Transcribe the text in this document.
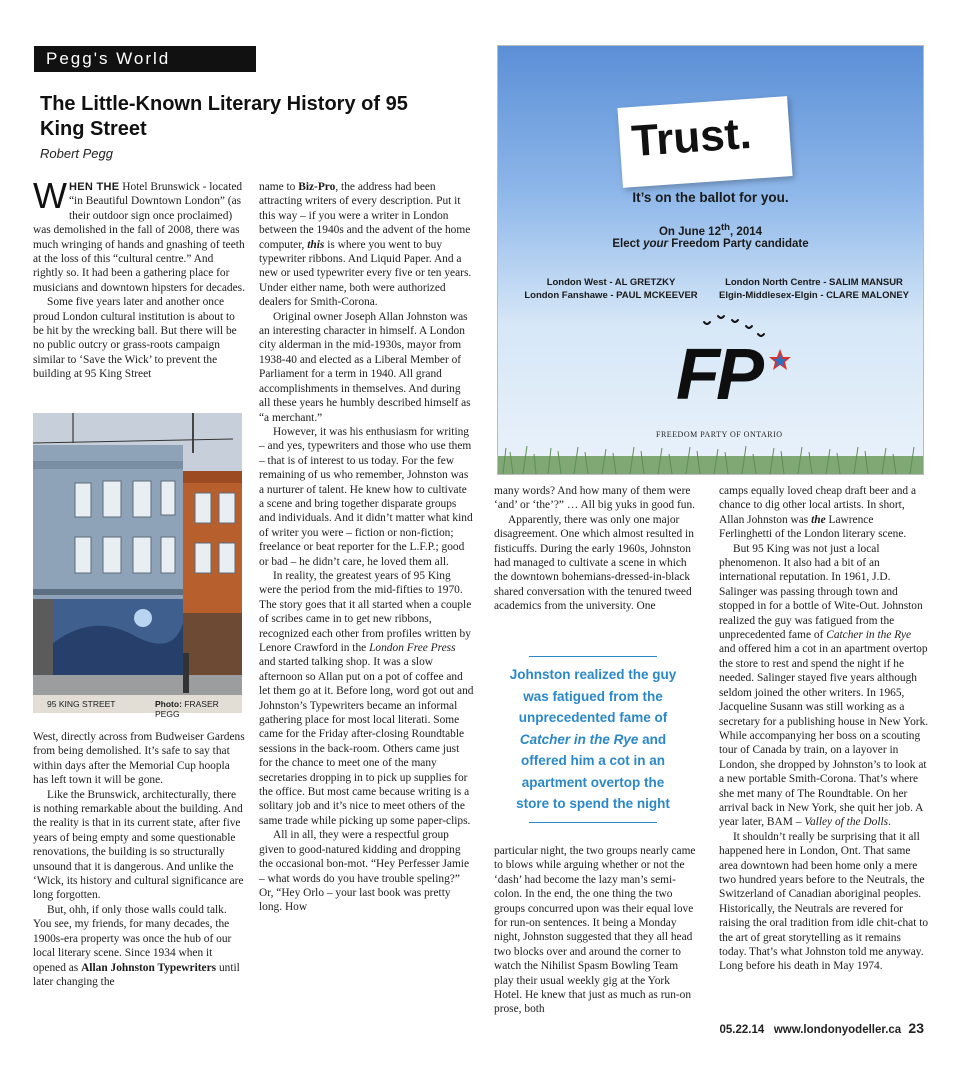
Pegg's World
The Little-Known Literary History of 95 King Street
Robert Pegg

WHEN THE Hotel Brunswick - located “in Beautiful Downtown London” (as their outdoor sign once proclaimed) was demolished in the fall of 2008, there was much wringing of hands and gnashing of teeth at the loss of this “cultural centre.” And rightly so. It had been a gathering place for musicians and downtown hipsters for decades.

Some five years later and another once proud London cultural institution is about to be hit by the wrecking ball. But there will be no public outcry or grass-roots campaign similar to ‘Save the Wick’ to prevent the building at 95 King Street

95 KING STREET	Photo: FRASER PEGG

West, directly across from Budweiser Gardens from being demolished. It’s safe to say that within days after the Memorial Cup hoopla has left town it will be gone.

Like the Brunswick, architecturally, there is nothing remarkable about the building. And the reality is that in its current state, after five years of being empty and some questionable renovations, the building is so structurally unsound that it is dangerous. And unlike the ‘Wick, its history and cultural significance are long forgotten.

But, ohh, if only those walls could talk. You see, my friends, for many decades, the 1900s-era property was once the hub of our local literary scene. Since 1934 when it opened as Allan Johnston Typewriters until later changing the

name to Biz-Pro, the address had been attracting writers of every description. Put it this way – if you were a writer in London between the 1940s and the advent of the home computer, this is where you went to buy typewriter ribbons. And Liquid Paper. And a new or used typewriter every five or ten years. Under either name, both were authorized dealers for Smith-Corona.

Original owner Joseph Allan Johnston was an interesting character in himself. A London city alderman in the mid-1930s, mayor from 1938-40 and elected as a Liberal Member of Parliament for a term in 1940. All grand accomplishments in themselves. And during all these years he humbly described himself as “a merchant.”

However, it was his enthusiasm for writing – and yes, typewriters and those who use them – that is of interest to us today. For the few remaining of us who remember, Johnston was a nurturer of talent. He knew how to cultivate a scene and bring together disparate groups and individuals. And it didn’t matter what kind of writer you were – fiction or non-fiction; freelance or beat reporter for the L.F.P.; good or bad – he didn’t care, he loved them all.

In reality, the greatest years of 95 King were the period from the mid-fifties to 1970. The story goes that it all started when a couple of scribes came in to get new ribbons, recognized each other from profiles written by Lenore Crawford in the London Free Press and started talking shop. It was a slow afternoon so Allan put on a pot of coffee and let them go at it. Before long, word got out and Johnston’s Typewriters became an informal gathering place for most local literati. Some came for the Friday after-closing Roundtable sessions in the back-room. Others came just for the chance to meet one of the many secretaries dropping in to pick up supplies for the office. But most came because writing is a solitary job and it’s nice to meet others of the same trade while picking up some paper-clips.

All in all, they were a respectful group given to good-natured kidding and dropping the occasional bon-mot. “Hey Perfesser Jamie – what words do you have trouble speling?” Or, “Hey Orlo – your last book was pretty long. How

Trust.
It’s on the ballot for you.
On June 12th, 2014
Elect your Freedom Party candidate
London West - AL GRETZKY
London Fanshawe - PAUL MCKEEVER
London North Centre - SALIM MANSUR
Elgin-Middlesex-Elgin - CLARE MALONEY
FP
FREEDOM PARTY OF ONTARIO

many words? And how many of them were ‘and’ or ‘the’?” … All big yuks in good fun.

Apparently, there was only one major disagreement. One which almost resulted in fisticuffs. During the early 1960s, Johnston had managed to cultivate a scene in which the downtown bohemians-dressed-in-black shared conversation with the tenured tweed academics from the university. One

Johnston realized the guy was fatigued from the unprecedented fame of Catcher in the Rye and offered him a cot in an apartment overtop the store to spend the night

particular night, the two groups nearly came to blows while arguing whether or not the ‘dash’ had become the lazy man’s semi-colon. In the end, the one thing the two groups concurred upon was their equal love for run-on sentences. It being a Monday night, Johnston suggested that they all head two blocks over and around the corner to watch the Nihilist Spasm Bowling Team play their usual weekly gig at the York Hotel. He knew that just as much as run-on prose, both

camps equally loved cheap draft beer and a chance to dig other local artists. In short, Allan Johnston was the Lawrence Ferlinghetti of the London literary scene.

But 95 King was not just a local phenomenon. It also had a bit of an international reputation. In 1961, J.D. Salinger was passing through town and stopped in for a bottle of Wite-Out. Johnston realized the guy was fatigued from the unprecedented fame of Catcher in the Rye and offered him a cot in an apartment overtop the store to rest and spend the night if he needed. Salinger stayed five years although seldom joined the other writers. In 1965, Jacqueline Susann was still working as a secretary for a publishing house in New York. While accompanying her boss on a scouting tour of Canada by train, on a layover in London, she dropped by Johnston’s to look at a new portable Smith-Corona. That’s where she met many of The Roundtable. On her arrival back in New York, she quit her job. A year later, BAM – Valley of the Dolls.

It shouldn’t really be surprising that it all happened here in London, Ont. That same area downtown had been home only a mere two hundred years before to the Neutrals, the Switzerland of Canadian aboriginal peoples. Historically, the Neutrals are revered for raising the oral tradition from idle chit-chat to the art of great storytelling as it remains today. That’s what Johnston told me anyway. Long before his death in May 1974.

05.22.14 www.londonyodeller.ca 23
